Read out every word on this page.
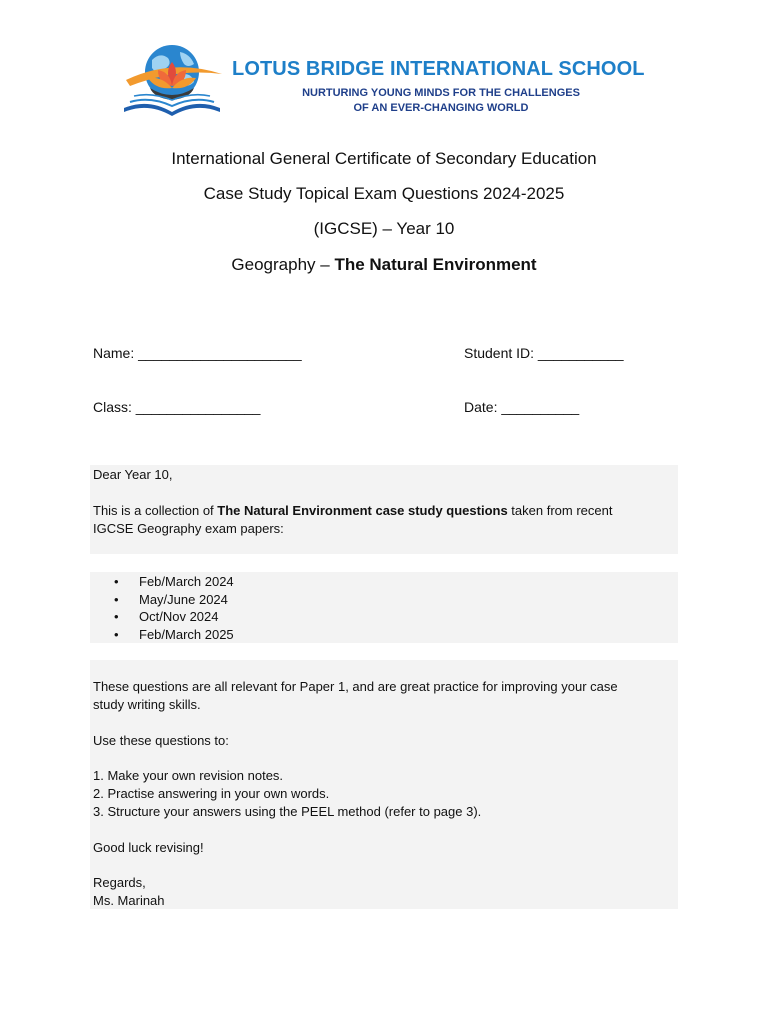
LOTUS BRIDGE INTERNATIONAL SCHOOL
NURTURING YOUNG MINDS FOR THE CHALLENGES
OF AN EVER-CHANGING WORLD
International General Certificate of Secondary Education
Case Study Topical Exam Questions 2024-2025
(IGCSE) – Year 10
Geography – The Natural Environment
Name: _____________________	Student ID: ___________
Class: ________________	Date: __________
Dear Year 10,
This is a collection of The Natural Environment case study questions taken from recent
IGCSE Geography exam papers:
• Feb/March 2024
• May/June 2024
• Oct/Nov 2024
• Feb/March 2025
These questions are all relevant for Paper 1, and are great practice for improving your case
study writing skills.
Use these questions to:
1. Make your own revision notes.
2. Practise answering in your own words.
3. Structure your answers using the PEEL method (refer to page 3).
Good luck revising!
Regards,
Ms. Marinah
